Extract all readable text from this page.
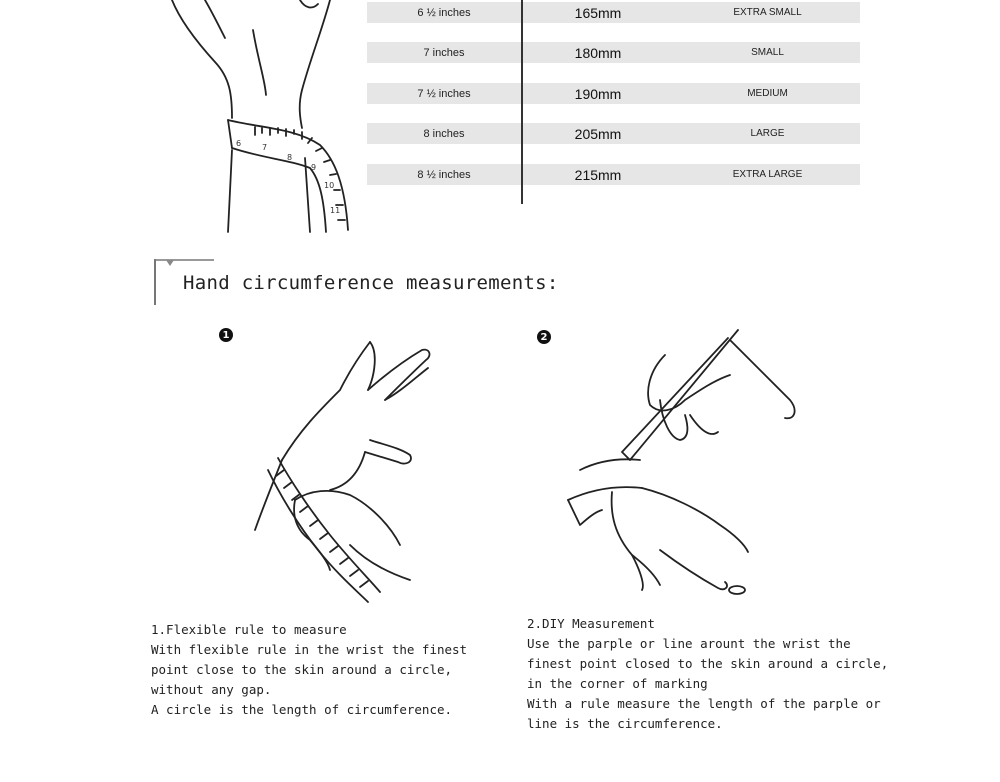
6	7
8
9
10
11
6 ½ inches	165mm	EXTRA SMALL
7 inches	180mm	SMALL
7 ½ inches	190mm	MEDIUM
8 inches	205mm	LARGE
8 ½ inches	215mm	EXTRA LARGE
Hand circumference measurements:
1	2
1.Flexible rule to measure
With flexible rule in the wrist the finest
point close to the skin around a circle,
without any gap.
A circle is the length of circumference.
2.DIY Measurement
Use the parple or line arount the wrist the
finest point closed to the skin around a circle,
in the corner of marking
With a rule measure the length of the parple or
line is the circumference.
